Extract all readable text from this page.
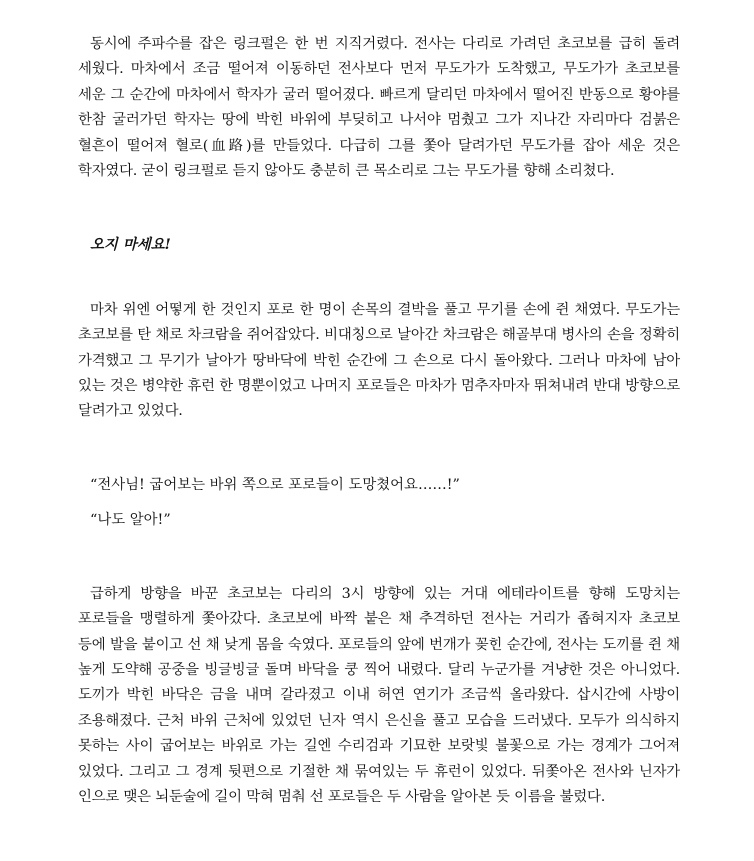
동시에 주파수를 잡은 링크펄은 한 번 지직거렸다. 전사는 다리로 가려던 초코보를 급히 돌려 세웠다. 마차에서 조금 떨어져 이동하던 전사보다 먼저 무도가가 도착했고, 무도가가 초코보를 세운 그 순간에 마차에서 학자가 굴러 떨어졌다. 빠르게 달리던 마차에서 떨어진 반동으로 황야를 한참 굴러가던 학자는 땅에 박힌 바위에 부딪히고 나서야 멈췄고 그가 지나간 자리마다 검붉은 혈흔이 떨어져 혈로(血路)를 만들었다. 다급히 그를 쫓아 달려가던 무도가를 잡아 세운 것은 학자였다. 굳이 링크펄로 듣지 않아도 충분히 큰 목소리로 그는 무도가를 향해 소리쳤다.

오지 마세요!

마차 위엔 어떻게 한 것인지 포로 한 명이 손목의 결박을 풀고 무기를 손에 쥔 채였다. 무도가는 초코보를 탄 채로 차크람을 쥐어잡았다. 비대칭으로 날아간 차크람은 해골부대 병사의 손을 정확히 가격했고 그 무기가 날아가 땅바닥에 박힌 순간에 그 손으로 다시 돌아왔다. 그러나 마차에 남아 있는 것은 병약한 휴런 한 명뿐이었고 나머지 포로들은 마차가 멈추자마자 뛰쳐내려 반대 방향으로 달려가고 있었다.

“전사님! 굽어보는 바위 쪽으로 포로들이 도망쳤어요……!”

“나도 알아!”

급하게 방향을 바꾼 초코보는 다리의 3시 방향에 있는 거대 에테라이트를 향해 도망치는 포로들을 맹렬하게 쫓아갔다. 초코보에 바짝 붙은 채 추격하던 전사는 거리가 좁혀지자 초코보 등에 발을 붙이고 선 채 낮게 몸을 숙였다. 포로들의 앞에 번개가 꽂힌 순간에, 전사는 도끼를 쥔 채 높게 도약해 공중을 빙글빙글 돌며 바닥을 쿵 찍어 내렸다. 달리 누군가를 겨냥한 것은 아니었다. 도끼가 박힌 바닥은 금을 내며 갈라졌고 이내 허연 연기가 조금씩 올라왔다. 삽시간에 사방이 조용해졌다. 근처 바위 근처에 있었던 닌자 역시 은신을 풀고 모습을 드러냈다. 모두가 의식하지 못하는 사이 굽어보는 바위로 가는 길엔 수리검과 기묘한 보랏빛 불꽃으로 가는 경계가 그어져 있었다. 그리고 그 경계 뒷편으로 기절한 채 묶여있는 두 휴런이 있었다. 뒤쫓아온 전사와 닌자가 인으로 맺은 뇌둔술에 길이 막혀 멈춰 선 포로들은 두 사람을 알아본 듯 이름을 불렀다.
